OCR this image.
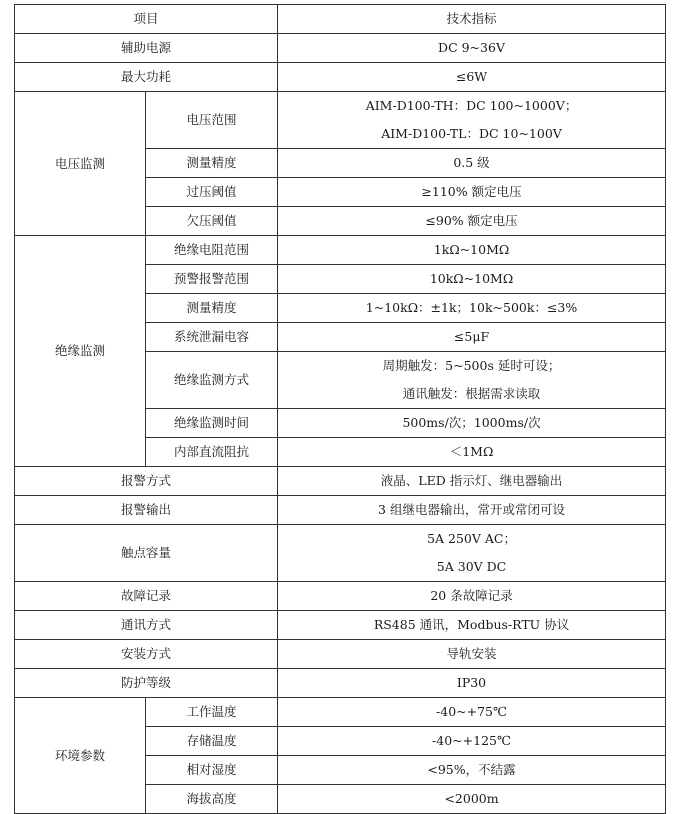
项目		技术指标
辅助电源		DC 9~36V
最大功耗		≤6W
电压监测	电压范围	AIM-D100-TH：DC 100~1000V；
AIM-D100-TL：DC 10~100V

	测量精度	0.5 级
	过压阈值	≥110% 额定电压
	欠压阈值	≤90% 额定电压
绝缘监测	绝缘电阻范围	1kΩ~10MΩ
	预警报警范围	10kΩ~10MΩ
	测量精度	1~10kΩ：±1k；10k~500k：≤3%
	系统泄漏电容	≤5μF
	绝缘监测方式	周期触发：5~500s 延时可设；
通讯触发：根据需求读取

	绝缘监测时间	500ms/次；1000ms/次
	内部直流阻抗	＜1MΩ
报警方式		液晶、LED 指示灯、继电器输出
报警输出		3 组继电器输出，常开或常闭可设
触点容量		5A 250V AC；
5A 30V DC

故障记录		20 条故障记录
通讯方式		RS485 通讯，Modbus-RTU 协议
安装方式		导轨安装
防护等级		IP30
环境参数	工作温度	-40~+75℃
	存储温度	-40~+125℃
	相对湿度	<95%，不结露
	海拔高度	<2000m
